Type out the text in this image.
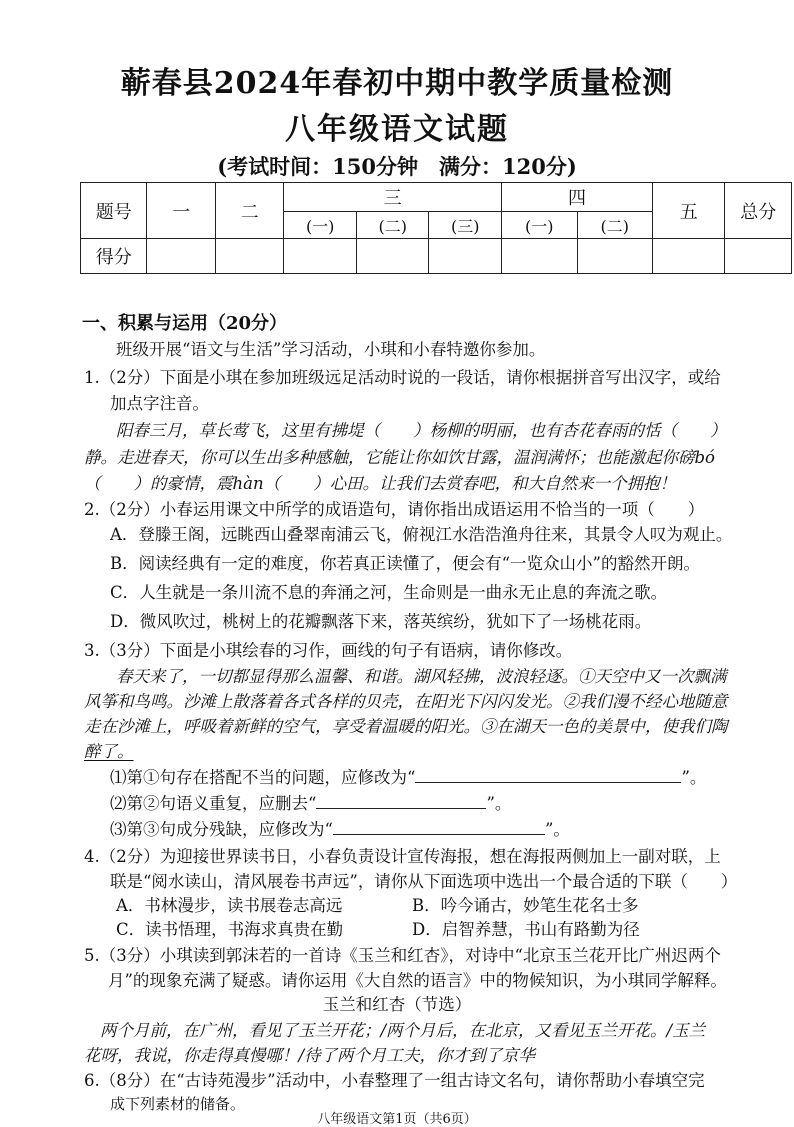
蕲春县2024年春初中期中教学质量检测
八年级语文试题
(考试时间：150分钟　满分：120分)
题号	一	二	三			四		五	总分
			(一)	(二)	(三)	(一)	(二)		
得分									
一、积累与运用（20分）
班级开展“语文与生活”学习活动，小琪和小春特邀你参加。
1.（2分）下面是小琪在参加班级远足活动时说的一段话，请你根据拼音写出汉字，或给
加点字注音。
阳春三月，草长莺飞，这里有拂堤（　　）杨柳的明丽，也有杏花春雨的恬（　　）
静。走进春天，你可以生出多种感触，它能让你如饮甘露，温润满怀；也能激起你磅bó
（　　）的豪情，震hàn（　　）心田。让我们去赏春吧，和大自然来一个拥抱！
2.（2分）小春运用课文中所学的成语造句，请你指出成语运用不恰当的一项（　　）
A．登滕王阁，远眺西山叠翠南浦云飞，俯视江水浩浩渔舟往来，其景令人叹为观止。
B．阅读经典有一定的难度，你若真正读懂了，便会有“一览众山小”的豁然开朗。
C．人生就是一条川流不息的奔涌之河，生命则是一曲永无止息的奔流之歌。
D．微风吹过，桃树上的花瓣飘落下来，落英缤纷，犹如下了一场桃花雨。
3.（3分）下面是小琪绘春的习作，画线的句子有语病，请你修改。
春天来了，一切都显得那么温馨、和谐。湖风轻拂，波浪轻逐。①天空中又一次飘满
风筝和鸟鸣。沙滩上散落着各式各样的贝壳，在阳光下闪闪发光。②我们漫不经心地随意
走在沙滩上，呼吸着新鲜的空气，享受着温暖的阳光。③在湖天一色的美景中，使我们陶
醉了。
⑴第①句存在搭配不当的问题，应修改为“	”。
⑵第②句语义重复，应删去“	”。
⑶第③句成分残缺，应修改为“	”。
4.（2分）为迎接世界读书日，小春负责设计宣传海报，想在海报两侧加上一副对联，上
联是“阅水读山，清风展卷书声远”，请你从下面选项中选出一个最合适的下联（　　）
A．书林漫步，读书展卷志高远	B．吟今诵古，妙笔生花名士多
C．读书悟理，书海求真贵在勤	D．启智养慧，书山有路勤为径
5.（3分）小琪读到郭沫若的一首诗《玉兰和红杏》，对诗中“北京玉兰花开比广州迟两个
月”的现象充满了疑惑。请你运用《大自然的语言》中的物候知识，为小琪同学解释。
玉兰和红杏（节选）
两个月前，在广州，看见了玉兰开花；/两个月后，在北京，又看见玉兰开花。/玉兰
花呀，我说，你走得真慢哪！/待了两个月工夫，你才到了京华
6.（8分）在“古诗苑漫步”活动中，小春整理了一组古诗文名句，请你帮助小春填空完
成下列素材的储备。
八年级语文第1页（共6页）
